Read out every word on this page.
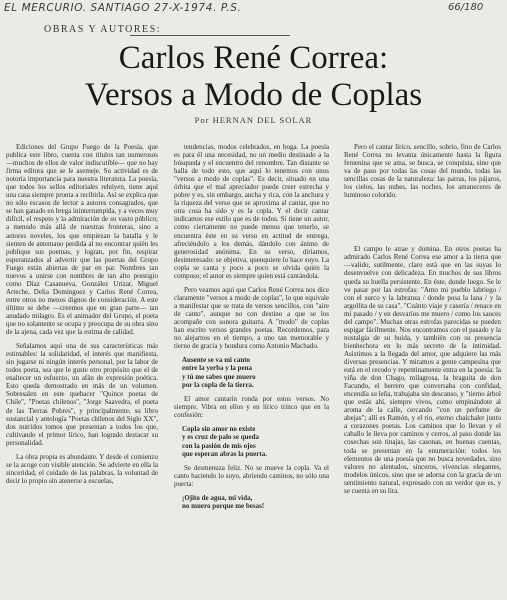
EL MERCURIO. SANTIAGO 27-X-1974. P.S.	66/180
OBRAS Y AUTORES:
Carlos René Correa:
Versos a Modo de Coplas
Por HERNAN DEL SOLAR

Ediciones del Grupo Fuego de la Poesía, que publica este libro, cuenta con títulos tan numerosos —muchos de ellos de valor indiscutible— que no hay firma editora que se le asemeje. Su actividad es de notoria importancia para nuestra literatura. La poesía, que todos los sellos editoriales rehúyen, tiene aquí una casa siempre pronta a recibirla. Así se explica que no sólo escasos de lector a autores consagrados, que se han ganado en brega ininterrumpida, y a veces muy difícil, el respeto y la admiración de su vasto público; a menudo más allá de nuestras fronteras, sino a autores noveles, los que empiezan la batalla y le sienten de antemano perdida al no encontrar quién les publique sus poemas, y logran, por fin, respirar esperanzados al advertir que las puertas del Grupo Fuego están abiertas de par en par. Nombres tan nuevos a unirse con nombres de tan alto prestigio como Díaz Casanueva, González Urízar, Miguel Arteche, Delia Domínguez y Carlos René Correa, entre otros no menos dignos de consideración. A este último se debe —creemos que en gran parte— tan anudado milagro. Es el animador del Grupo, el poeta que no solamente se ocupa y preocupa de su obra sino de la ajena, cada vez que la estima de calidad.

Señalamos aquí una de sus características más estimables: la solidaridad, el interés que manifiesta, sin jugarse ni ningún interés personal, por la labor de todos poeta, sea que le guste otro propósito que el de enaltecer un esfuerzo, un afán de expresión poética. Esto queda demostrado en más de un volumen. Sobresalen en este quehacer "Quince poetas de Chile", "Poetas chilenos", "Jorge Saavedra, el poeta de las Tierras Pobres", y principalmente, su libro sustancial y antología "Poetas chilenos del Siglo XX", dos nutridos tomos que presentan a todos los que, cultivando el primor lírico, han logrado destacar su personalidad.

La obra propia es abundante. Y desde el comienzo se la acoge con visible atención. Se advierte en ella la sinceridad, el cuidado de las palabras, la voluntad de decir lo propio sin atenerse a escuelas,

tendencias, modos celebrados, en boga. La poesía es para él una necesidad, no un medio destinado a la búsqueda y el encuentro del renombre. Tan distante se halla de todo esto, que aquí lo tenemos con unos "versos a modo de coplas". Es decir, situado en una órbita que el mal apreciador puede creer estrecha y pobre y es, sin embargo, ancha y rica, con la anchura y la riqueza del verso que se aproxima al cantar, que no otra cosa ha sido y es la copla. Y el decir cantar indicamos ese estilo que es de todos. Si tiene un autor, como ciertamente no puede menos que tenerlo, se encuentra éste en su verso en actitud de entrega, afreciéndolo a los demás, dándolo con ánimo de generosidad anónima. En su verso, diríamos, desinteresado: se objetiva, quenquiere lo hace suyo. La copla se canta y poco a poco se olvida quién la compuso; el autor es siempre quien está cantándola.

Pero veamos aquí que Carlos René Correa nos dice claramente "versos a modo de coplas", lo que equivale a manifestar que se trata de versos sencillos, con "aire de canto", aunque no con destino a que se los acompañe con sonora guitarra. A "modo" de coplas han escrito versos grandes poetas. Recordemos, para no alejarnos en el tiempo, a uno tan memorable y tierno de gracia y hondura como Antonio Machado.

Ausente se va mi canto
entre la yerba y la pena
y tú me sabes que muero
por la copla de la tierra.

El amor cantarín ronda por estos versos. No siempre. Vibra en ellos y en lírico trinco que en la confesión:

Copla sin amor no existe
y es cruz de palo se queda
con la pasión de mis ojos
que esperan abras la puerta.

Se desmenuza feliz. No se mueve la copla. Va el canto haciendo lo suyo, abriendo caminos, no sólo una puerta:

¡Ojito de agua, mi vida,
no muero porque me besas!

Pero el cantar lírico, sencillo, sobrio, fino de Carlos René Correa no levanta únicamente hasta la figura femenina que se ama, se busca, se conquista, sino que va de paso por todas las cosas del mundo, todas las sencillas cosas de la naturaleza: las parras, los pájaros, los cielos, las nubes, las noches, los amaneceres de luminoso colorido.

El campo le atrae y domina. En otros poetas ha admirado Carlos René Correa ese amor a la tierra que —valido, sutilmente, claro está que en las suyas lo desenvuelve con delicadeza. En muchos de sus libros queda su huella persistente. En éste, donde luego. Se le ve pasar por las estrofas: "Amo mi pueblo labriego / con el surco y la labranza / donde posa la lana / y la argollita de su casa". "Cuánto viaje y casería / renace en mi pasado / y en desvaríos me muero / como los sauces del campo". Muchas otras estrofas parecidas se pueden espigar fácilmente. Nos encontramos con el pasado y la nostalgia de su huida, y también con su presencia bienhechora en lo más secreto de la intimidad. Asistimos a la llegada del amor, que adquiere las más diversas presencias. Y miramos a gente campesina que está en el recodo y repentinamente entra en la poesía: la viña de don Chago, milagrosa, la braguita de don Facundo, el herrero que conversaba con confidad, encendía su leña, trabajaba sin descanso, y "tierno árbol que estás ahí, siempre vivos, como empinándote al aroma de la calle, cercando "con un perfume de abejas"; allí es Ramón, y el rio, eterno chalchaler junto a corazones poetas. Los caminos que lo llevan y el caballo le lleva por caminos y cerros, al paso donde las cosechas son tinajas, las casonas, en buenas cuentas, toda se presentan en la enumeración: todos los elementos de una poesía que no busca novedades, sino valores no alentados, sinceros, vivencias elegantes, modelos únicos, sino que se adorna con la gracia de un sentimiento natural, expresado con un verdor que es, y se cuenta en su lira.
